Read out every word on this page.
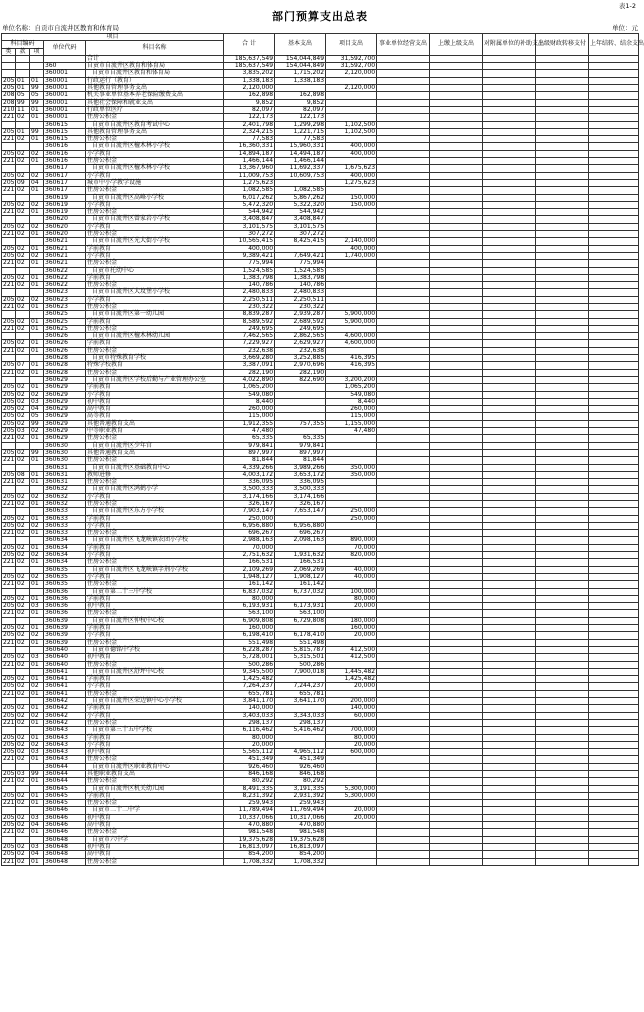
表1-2
部门预算支出总表
单位名称：自贡市自流井区教育和体育局	单位：元
项目					合 计	基本支出	项目支出	事业单位经营支出	上缴上级支出	对附属单位的补助支出	上级财政转移支付	上年结转、结余支出
科目编码			单位代码	科目名称								
类	款	项										
				合计	185,637,549	154,044,849	31,592,700					
			360	自贡市自流井区教育和体育局	185,637,549	154,044,849	31,592,700					
			360001	自贡市自流井区教育和体育局	3,835,202	1,715,202	2,120,000					
205	01	01	360001	行政运行（教育）	1,338,183	1,338,183						
205	01	99	360001	其他教育管理事务支出	2,120,000		2,120,000					
208	05	05	360001	机关事业单位基本养老保险缴费支出	162,898	162,898						
208	99	99	360001	其他社会保障和就业支出	9,852	9,852						
210	11	01	360001	行政单位医疗	82,097	82,097						
221	02	01	360001	住房公积金	122,173	122,173						
			360615	自贡市自流井区教育考试中心	2,401,798	1,299,298	1,102,500					
205	01	99	360615	其他教育管理事务支出	2,324,215	1,221,715	1,102,500					
221	02	01	360615	住房公积金	77,583	77,583						
			360616	自贡市自流井区檀木林小学校	16,360,331	15,960,331	400,000					
205	02	02	360616	小学教育	14,894,187	14,494,187	400,000					
221	02	01	360616	住房公积金	1,466,144	1,466,144						
			360617	自贡市自流井区檀木林小学校	13,367,960	11,692,337	1,675,623					
205	02	02	360617	小学教育	11,009,753	10,609,753	400,000					
205	09	04	360617	城市中小学教学设施	1,275,623		1,275,623					
221	02	01	360617	住房公积金	1,082,585	1,082,585						
			360619	自贡市自流井区高峰小学校	6,017,262	5,867,262	150,000					
205	02	02	360619	小学教育	5,472,320	5,322,320	150,000					
221	02	01	360619	住房公积金	544,942	544,942						
			360620	自贡市自流井区曾家岩小学校	3,408,847	3,408,847						
205	02	02	360620	小学教育	3,101,575	3,101,575						
221	02	01	360620	住房公积金	307,272	307,272						
			360621	自贡市自流井区光大街小学校	10,565,415	8,425,415	2,140,000					
205	02	01	360621	学前教育	400,000		400,000					
205	02	02	360621	小学教育	9,389,421	7,649,421	1,740,000					
221	02	01	360621	住房公积金	775,994	775,994						
			360622	自贡市托幼中心	1,524,585	1,524,585						
205	02	01	360622	学前教育	1,383,798	1,383,798						
221	02	01	360622	住房公积金	140,786	140,786						
			360623	自贡市自流井区大坟堡小学校	2,480,833	2,480,833						
205	02	02	360623	小学教育	2,250,511	2,250,511						
221	02	01	360623	住房公积金	230,322	230,322						
			360625	自贡市自流井区第一幼儿园	8,839,287	2,939,287	5,900,000					
205	02	01	360625	学前教育	8,589,592	2,689,592	5,900,000					
221	02	01	360625	住房公积金	249,695	249,695						
			360626	自贡市自流井区檀木林幼儿园	7,462,565	2,862,565	4,600,000					
205	02	01	360626	学前教育	7,229,927	2,629,927	4,600,000					
221	02	01	360626	住房公积金	232,638	232,638						
			360628	自贡市特殊教育学校	3,669,280	3,252,885	416,395					
205	07	01	360628	特殊学校教育	3,387,091	2,970,696	416,395					
221	02	01	360628	住房公积金	282,190	282,190						
			360629	自贡市自流井区学校后勤与产业管理办公室	4,022,890	822,690	3,200,200					
205	02	01	360629	学前教育	1,065,200		1,065,200					
205	02	02	360629	小学教育	549,080		549,080					
205	02	03	360629	初中教育	8,440		8,440					
205	02	04	360629	高中教育	260,000		260,000					
205	02	05	360629	高等教育	115,000		115,000					
205	02	99	360629	其他普通教育支出	1,912,355	757,355	1,155,000					
205	03	02	360629	中等职业教育	47,480		47,480					
221	02	01	360629	住房公积金	65,335	65,335						
			360630	自贡市自流井区少年宫	979,841	979,841						
205	02	99	360630	其他普通教育支出	897,997	897,997						
221	02	01	360630	住房公积金	81,844	81,844						
			360631	自贡市自流井区基础教育中心	4,339,266	3,989,266	350,000					
205	08	01	360631	教师进修	4,003,172	3,653,172	350,000					
221	02	01	360631	住房公积金	336,095	336,095						
			360632	自贡市自流井区鸿鹤小学	3,500,333	3,500,333						
205	02	02	360632	小学教育	3,174,166	3,174,166						
221	02	01	360632	住房公积金	326,167	326,167						
			360633	自贡市自流井区东方小学校	7,903,147	7,653,147	250,000					
205	02	01	360633	学前教育	250,000		250,000					
205	02	02	360633	小学教育	6,956,880	6,956,880						
221	02	01	360633	住房公积金	696,267	696,267						
			360634	自贡市自流井区飞龙峡镇农团小学校	2,988,163	2,098,163	890,000					
205	02	01	360634	学前教育	70,000		70,000					
205	02	02	360634	小学教育	2,751,632	1,931,632	820,000					
221	02	01	360634	住房公积金	166,531	166,531						
			360635	自贡市自流井区飞龙峡镇字荆小学校	2,109,269	2,069,269	40,000					
205	02	02	360635	小学教育	1,948,127	1,908,127	40,000					
221	02	01	360635	住房公积金	161,142	161,142						
			360636	自贡市第二十三中学校	6,837,032	6,737,032	100,000					
205	02	01	360636	学前教育	80,000		80,000					
205	02	03	360636	初中教育	6,193,931	6,173,931	20,000					
221	02	01	360636	住房公积金	563,100	563,100						
			360639	自贡市自流井区仲权中心校	6,909,808	6,729,808	180,000					
205	02	01	360639	学前教育	160,000		160,000					
205	02	02	360639	小学教育	6,198,410	6,178,410	20,000					
221	02	01	360639	住房公积金	551,498	551,498						
			360640	自贡市德铭中学校	6,228,287	5,815,787	412,500					
205	02	03	360640	初中教育	5,728,001	5,315,501	412,500					
221	02	01	360640	住房公积金	500,286	500,286						
			360641	自贡市自流井区舒坪中心校	9,345,500	7,900,018	1,445,482					
205	02	01	360641	学前教育	1,425,482		1,425,482					
205	02	02	360641	小学教育	7,264,237	7,244,237	20,000					
221	02	01	360641	住房公积金	655,781	655,781						
			360642	自贡市自流井区荣边镇中心小学校	3,841,170	3,641,170	200,000					
205	02	01	360642	学前教育	140,000		140,000					
205	02	02	360642	小学教育	3,403,033	3,343,033	60,000					
221	02	01	360642	住房公积金	298,137	298,137						
			360643	自贡市第三十五中学校	6,116,462	5,416,462	700,000					
205	02	01	360643	学前教育	80,000		80,000					
205	02	02	360643	小学教育	20,000		20,000					
205	02	03	360643	初中教育	5,565,112	4,965,112	600,000					
221	02	01	360643	住房公积金	451,349	451,349						
			360644	自贡市自流井区职业教育中心	926,460	926,460						
205	03	99	360644	其他职业教育支出	846,168	846,168						
221	02	01	360644	住房公积金	80,292	80,292						
			360645	自贡市自流井区机关幼儿园	8,491,335	3,191,335	5,300,000					
205	02	01	360645	学前教育	8,231,392	2,931,392	5,300,000					
221	02	01	360645	住房公积金	259,943	259,943						
			360646	自贡市二十二中学	11,789,494	11,769,494	20,000					
205	02	03	360646	初中教育	10,337,066	10,317,066	20,000					
205	02	04	360646	高中教育	470,880	470,880						
221	02	01	360646	住房公积金	981,548	981,548						
			360648	自贡市六中学	19,375,628	19,375,628						
205	02	03	360648	初中教育	16,813,097	16,813,097						
205	02	04	360648	高中教育	854,200	854,200						
221	02	01	360648	住房公积金	1,708,332	1,708,332						
